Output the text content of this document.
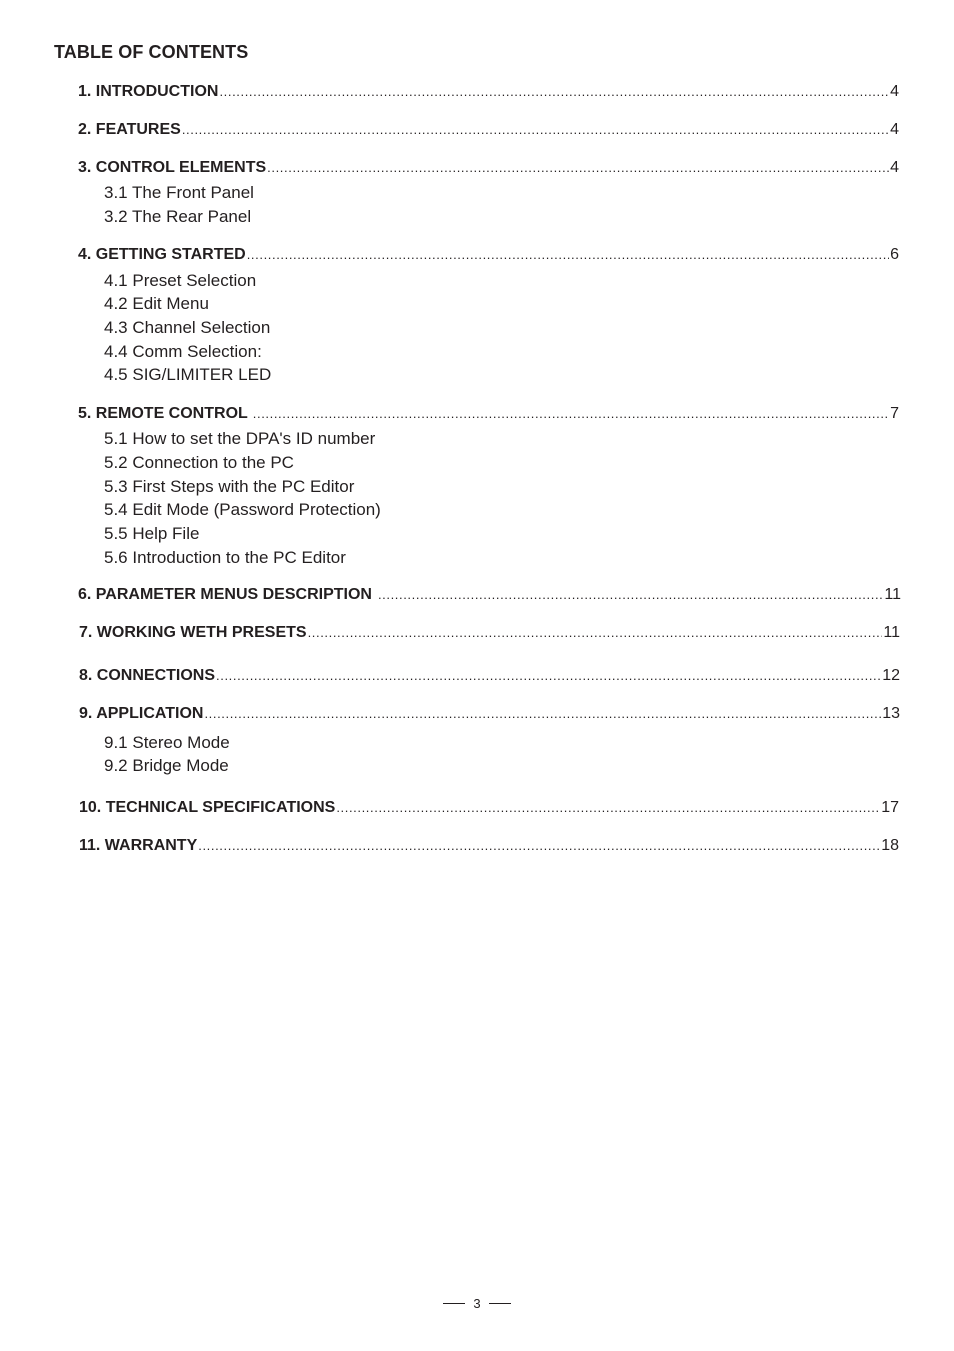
TABLE OF CONTENTS
1. INTRODUCTION .....	4
2. FEATURES .....	4
3. CONTROL ELEMENTS .....	4
3.1 The Front Panel
3.2 The Rear Panel
4. GETTING STARTED .....	6
4.1 Preset Selection
4.2 Edit Menu
4.3 Channel Selection
4.4 Comm Selection:
4.5 SIG/LIMITER LED
5. REMOTE CONTROL .....	7
5.1 How to set the DPA's ID number
5.2 Connection to the PC
5.3 First Steps with the PC Editor
5.4 Edit Mode (Password Protection)
5.5 Help File
5.6 Introduction to the PC Editor
6. PARAMETER MENUS DESCRIPTION .....	11
7. WORKING WETH PRESETS .....	11
8. CONNECTIONS .....	12
9. APPLICATION .....	13
9.1 Stereo Mode
9.2 Bridge Mode
10. TECHNICAL SPECIFICATIONS .....	17
11. WARRANTY .....	18
3
